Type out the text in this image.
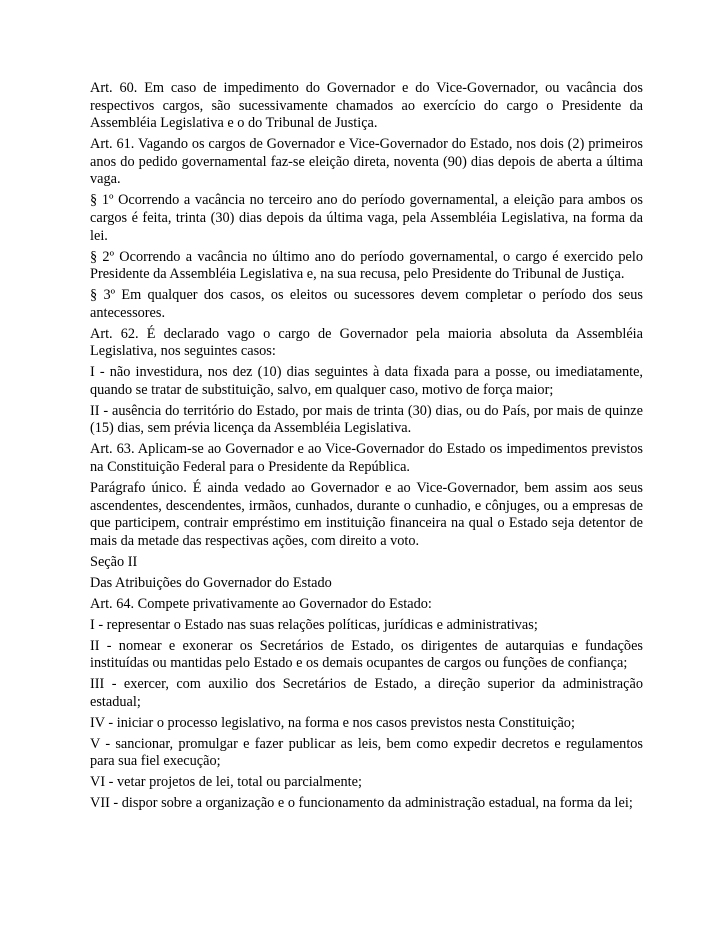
Art. 60. Em caso de impedimento do Governador e do Vice-Governador, ou vacância dos respectivos cargos, são sucessivamente chamados ao exercício do cargo o Presidente da Assembléia Legislativa e o do Tribunal de Justiça.

Art. 61. Vagando os cargos de Governador e Vice-Governador do Estado, nos dois (2) primeiros anos do pedido governamental faz-se eleição direta, noventa (90) dias depois de aberta a última vaga.

§ 1º Ocorrendo a vacância no terceiro ano do período governamental, a eleição para ambos os cargos é feita, trinta (30) dias depois da última vaga, pela Assembléia Legislativa, na forma da lei.

§ 2º Ocorrendo a vacância no último ano do período governamental, o cargo é exercido pelo Presidente da Assembléia Legislativa e, na sua recusa, pelo Presidente do Tribunal de Justiça.

§ 3º Em qualquer dos casos, os eleitos ou sucessores devem completar o período dos seus antecessores.

Art. 62. É declarado vago o cargo de Governador pela maioria absoluta da Assembléia Legislativa, nos seguintes casos:

I - não investidura, nos dez (10) dias seguintes à data fixada para a posse, ou imediatamente, quando se tratar de substituição, salvo, em qualquer caso, motivo de força maior;

II - ausência do território do Estado, por mais de trinta (30) dias, ou do País, por mais de quinze (15) dias, sem prévia licença da Assembléia Legislativa.

Art. 63. Aplicam-se ao Governador e ao Vice-Governador do Estado os impedimentos previstos na Constituição Federal para o Presidente da República.

Parágrafo único. É ainda vedado ao Governador e ao Vice-Governador, bem assim aos seus ascendentes, descendentes, irmãos, cunhados, durante o cunhadio, e cônjuges, ou a empresas de que participem, contrair empréstimo em instituição financeira na qual o Estado seja detentor de mais da metade das respectivas ações, com direito a voto.

Seção II

Das Atribuições do Governador do Estado

Art. 64. Compete privativamente ao Governador do Estado:

I - representar o Estado nas suas relações políticas, jurídicas e administrativas;

II - nomear e exonerar os Secretários de Estado, os dirigentes de autarquias e fundações instituídas ou mantidas pelo Estado e os demais ocupantes de cargos ou funções de confiança;

III - exercer, com auxilio dos Secretários de Estado, a direção superior da administração estadual;

IV - iniciar o processo legislativo, na forma e nos casos previstos nesta Constituição;

V - sancionar, promulgar e fazer publicar as leis, bem como expedir decretos e regulamentos para sua fiel execução;

VI - vetar projetos de lei, total ou parcialmente;

VII - dispor sobre a organização e o funcionamento da administração estadual, na forma da lei;
